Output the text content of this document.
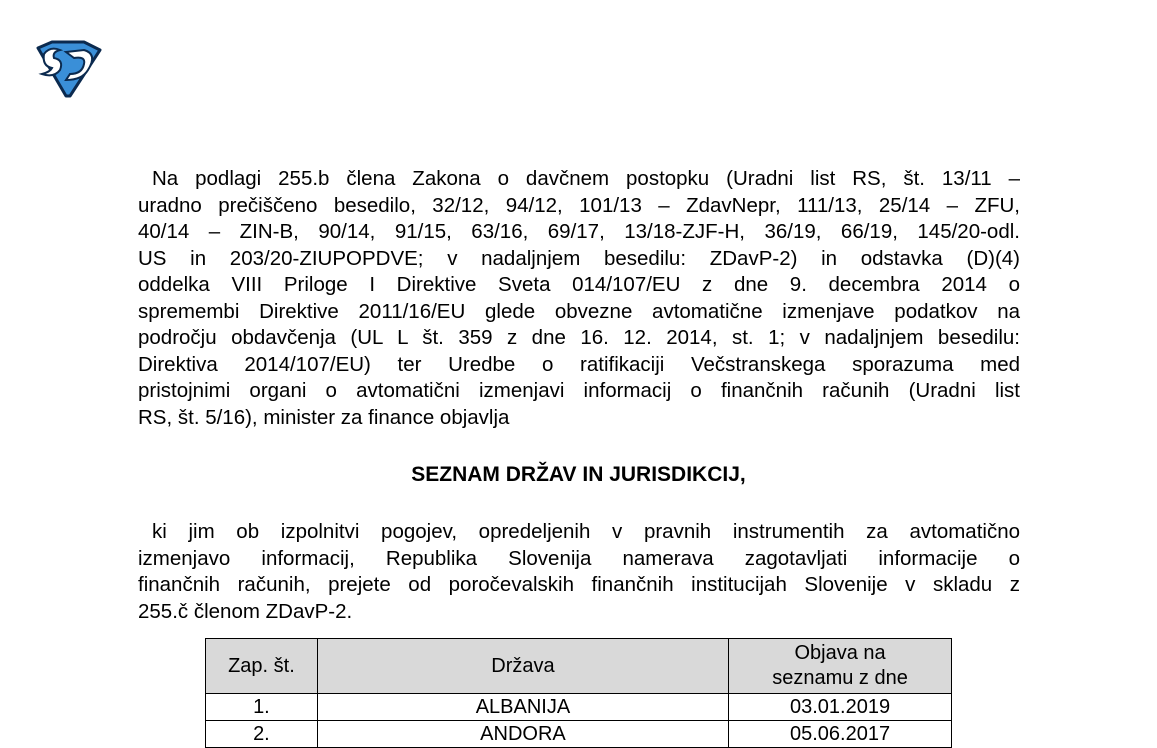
Na podlagi 255.b člena Zakona o davčnem postopku (Uradni list RS, št. 13/11 –
uradno prečiščeno besedilo, 32/12, 94/12, 101/13 – ZdavNepr, 111/13, 25/14 – ZFU,
40/14 – ZIN-B, 90/14, 91/15, 63/16, 69/17, 13/18-ZJF-H, 36/19, 66/19, 145/20-odl.
US in 203/20-ZIUPOPDVE; v nadaljnjem besedilu: ZDavP-2) in odstavka (D)(4)
oddelka VIII Priloge I Direktive Sveta 014/107/EU z dne 9. decembra 2014 o
spremembi Direktive 2011/16/EU glede obvezne avtomatične izmenjave podatkov na
področju obdavčenja (UL L št. 359 z dne 16. 12. 2014, st. 1; v nadaljnjem besedilu:
Direktiva 2014/107/EU) ter Uredbe o ratifikaciji Večstranskega sporazuma med
pristojnimi organi o avtomatični izmenjavi informacij o finančnih računih (Uradni list
RS, št. 5/16), minister za finance objavlja
SEZNAM DRŽAV IN JURISDIKCIJ,
ki jim ob izpolnitvi pogojev, opredeljenih v pravnih instrumentih za avtomatično
izmenjavo informacij, Republika Slovenija namerava zagotavljati informacije o
finančnih računih, prejete od poročevalskih finančnih institucijah Slovenije v skladu z
255.č členom ZDavP-2.
Zap. št.	Država	Objava na
seznamu z dne
1.	ALBANIJA	03.01.2019
2.	ANDORA	05.06.2017
